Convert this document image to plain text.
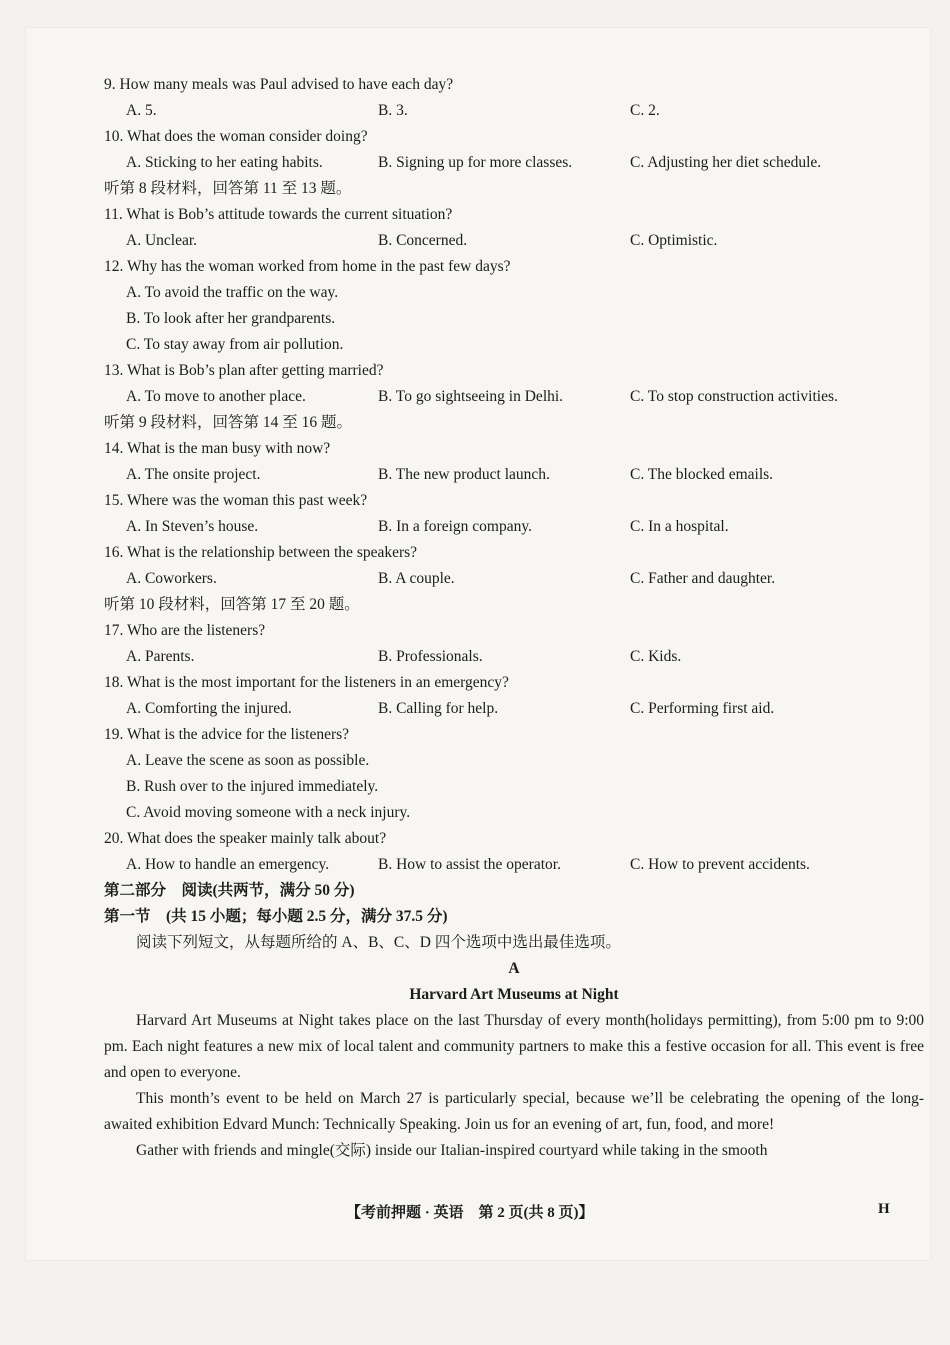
9. How many meals was Paul advised to have each day?

A. 5.	B. 3.	C. 2.

10. What does the woman consider doing?

A. Sticking to her eating habits.	B. Signing up for more classes.	C. Adjusting her diet schedule.

听第 8 段材料，回答第 11 至 13 题。

11. What is Bob’s attitude towards the current situation?

A. Unclear.	B. Concerned.	C. Optimistic.

12. Why has the woman worked from home in the past few days?

A. To avoid the traffic on the way.

B. To look after her grandparents.

C. To stay away from air pollution.

13. What is Bob’s plan after getting married?

A. To move to another place.	B. To go sightseeing in Delhi.	C. To stop construction activities.

听第 9 段材料，回答第 14 至 16 题。

14. What is the man busy with now?

A. The onsite project.	B. The new product launch.	C. The blocked emails.

15. Where was the woman this past week?

A. In Steven’s house.	B. In a foreign company.	C. In a hospital.

16. What is the relationship between the speakers?

A. Coworkers.	B. A couple.	C. Father and daughter.

听第 10 段材料，回答第 17 至 20 题。

17. Who are the listeners?

A. Parents.	B. Professionals.	C. Kids.

18. What is the most important for the listeners in an emergency?

A. Comforting the injured.	B. Calling for help.	C. Performing first aid.

19. What is the advice for the listeners?

A. Leave the scene as soon as possible.

B. Rush over to the injured immediately.

C. Avoid moving someone with a neck injury.

20. What does the speaker mainly talk about?

A. How to handle an emergency.	B. How to assist the operator.	C. How to prevent accidents.

第二部分　阅读(共两节，满分 50 分)

第一节　(共 15 小题；每小题 2.5 分，满分 37.5 分)

阅读下列短文，从每题所给的 A、B、C、D 四个选项中选出最佳选项。

A

Harvard Art Museums at Night

Harvard Art Museums at Night takes place on the last Thursday of every month(holidays permitting), from 5:00 pm to 9:00 pm. Each night features a new mix of local talent and community partners to make this a festive occasion for all. This event is free and open to everyone.

This month’s event to be held on March 27 is particularly special, because we’ll be celebrating the opening of the long-awaited exhibition Edvard Munch: Technically Speaking. Join us for an evening of art, fun, food, and more!

Gather with friends and mingle(交际) inside our Italian-inspired courtyard while taking in the smooth

【考前押题 · 英语　第 2 页(共 8 页)】	H
